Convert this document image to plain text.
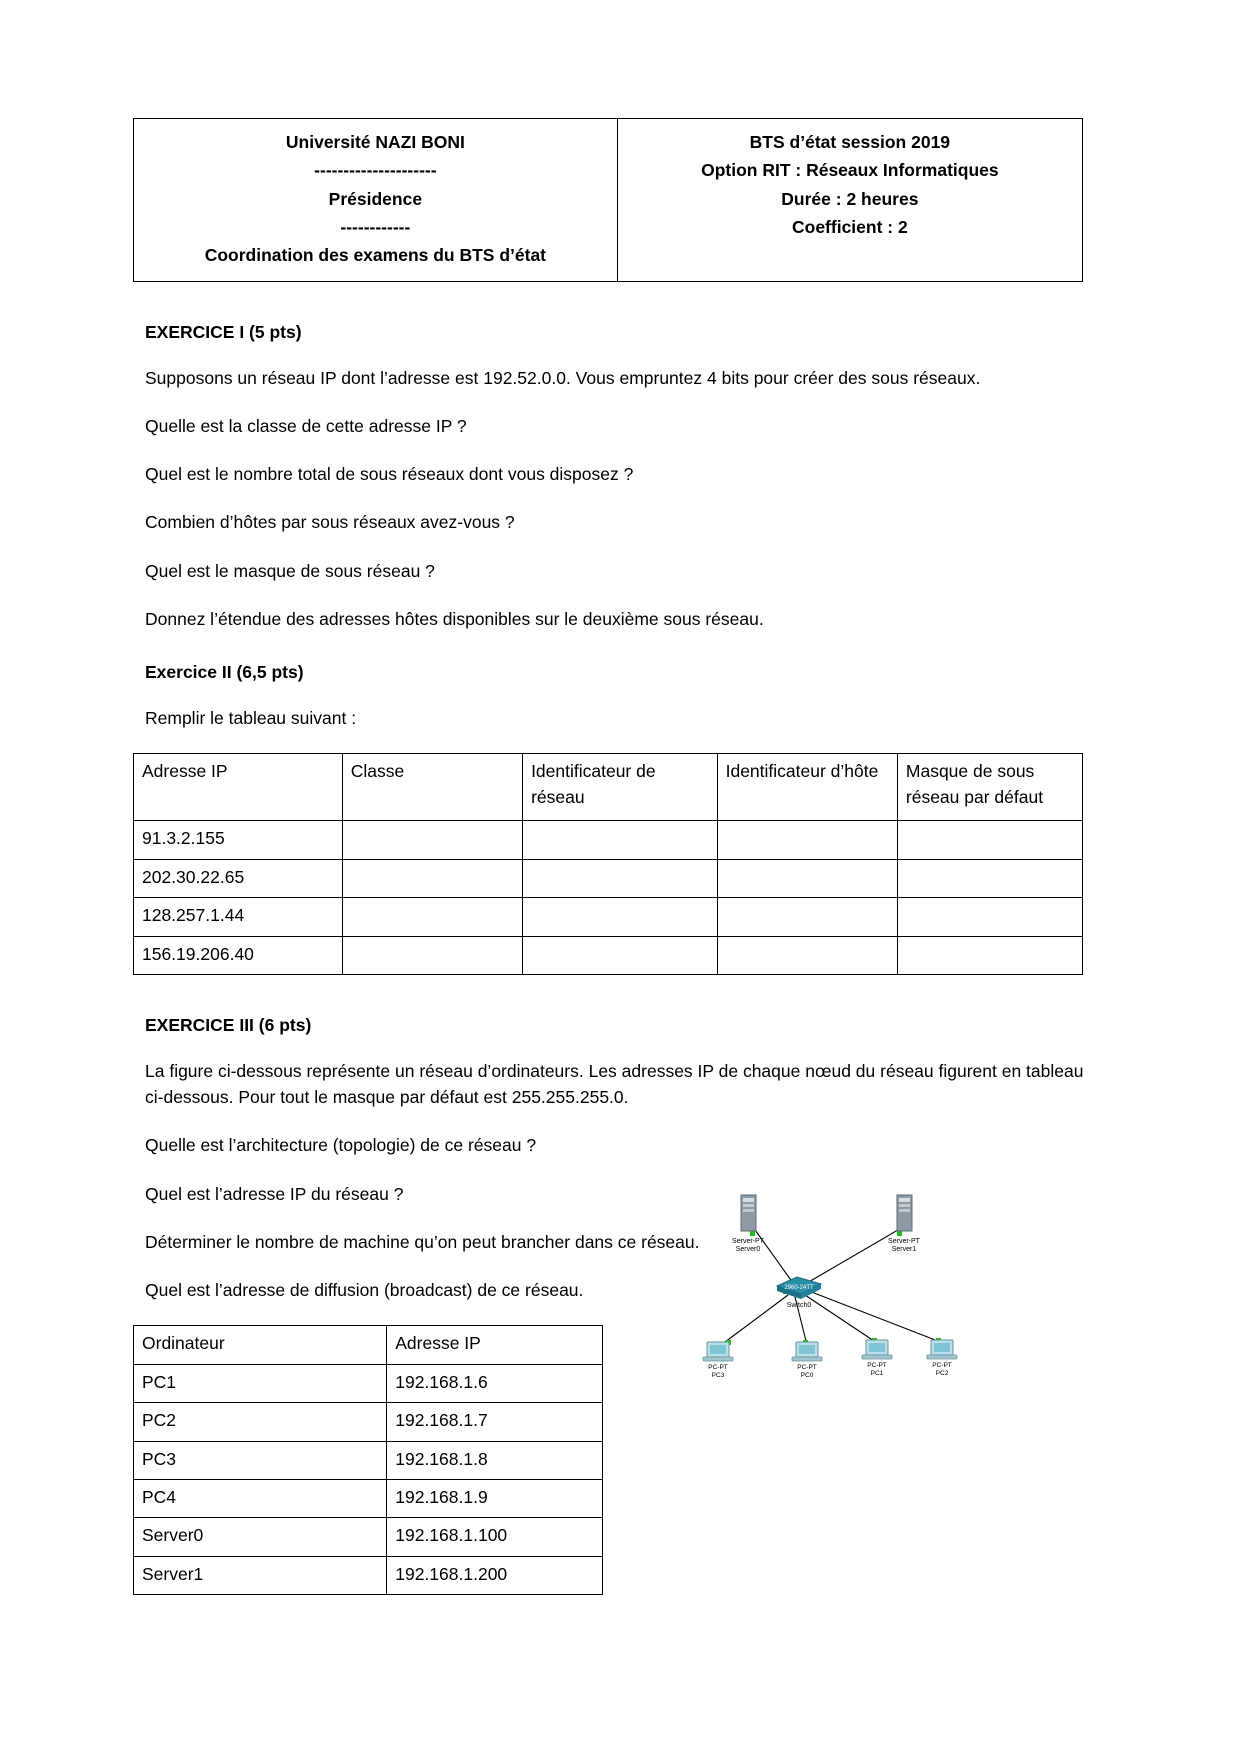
Université NAZI BONI
---------------------
Présidence
------------
Coordination des examens du BTS d’état

BTS d’état session 2019
Option RIT : Réseaux Informatiques
Durée : 2 heures
Coefficient : 2

EXERCICE I (5 pts)

Supposons un réseau IP dont l’adresse est 192.52.0.0. Vous empruntez 4 bits pour créer des sous réseaux.

Quelle est la classe de cette adresse IP ?

Quel est le nombre total de sous réseaux dont vous disposez ?

Combien d’hôtes par sous réseaux avez-vous ?

Quel est le masque de sous réseau ?

Donnez l’étendue des adresses hôtes disponibles sur le deuxième sous réseau.

Exercice II (6,5 pts)

Remplir le tableau suivant :

Adresse IP	Classe	Identificateur de réseau	Identificateur d’hôte	Masque de sous réseau par défaut
91.3.2.155				
202.30.22.65				
128.257.1.44				
156.19.206.40				

EXERCICE III (6 pts)

La figure ci-dessous représente un réseau d’ordinateurs. Les adresses IP de chaque nœud du réseau figurent en tableau ci-dessous. Pour tout le masque par défaut est 255.255.255.0.

Quelle est l’architecture (topologie) de ce réseau ?

Quel est l’adresse IP du réseau ?

Déterminer le nombre de machine qu’on peut brancher dans ce réseau.

Quel est l’adresse de diffusion (broadcast) de ce réseau.

Ordinateur	Adresse IP
PC1	192.168.1.6
PC2	192.168.1.7
PC3	192.168.1.8
PC4	192.168.1.9
Server0	192.168.1.100
Server1	192.168.1.200
Server-PT
Server0
Server-PT
Server1
2960-24TT
Switch0
PC-PT
PC3
PC-PT
PC0
PC-PT
PC1
PC-PT
PC2
